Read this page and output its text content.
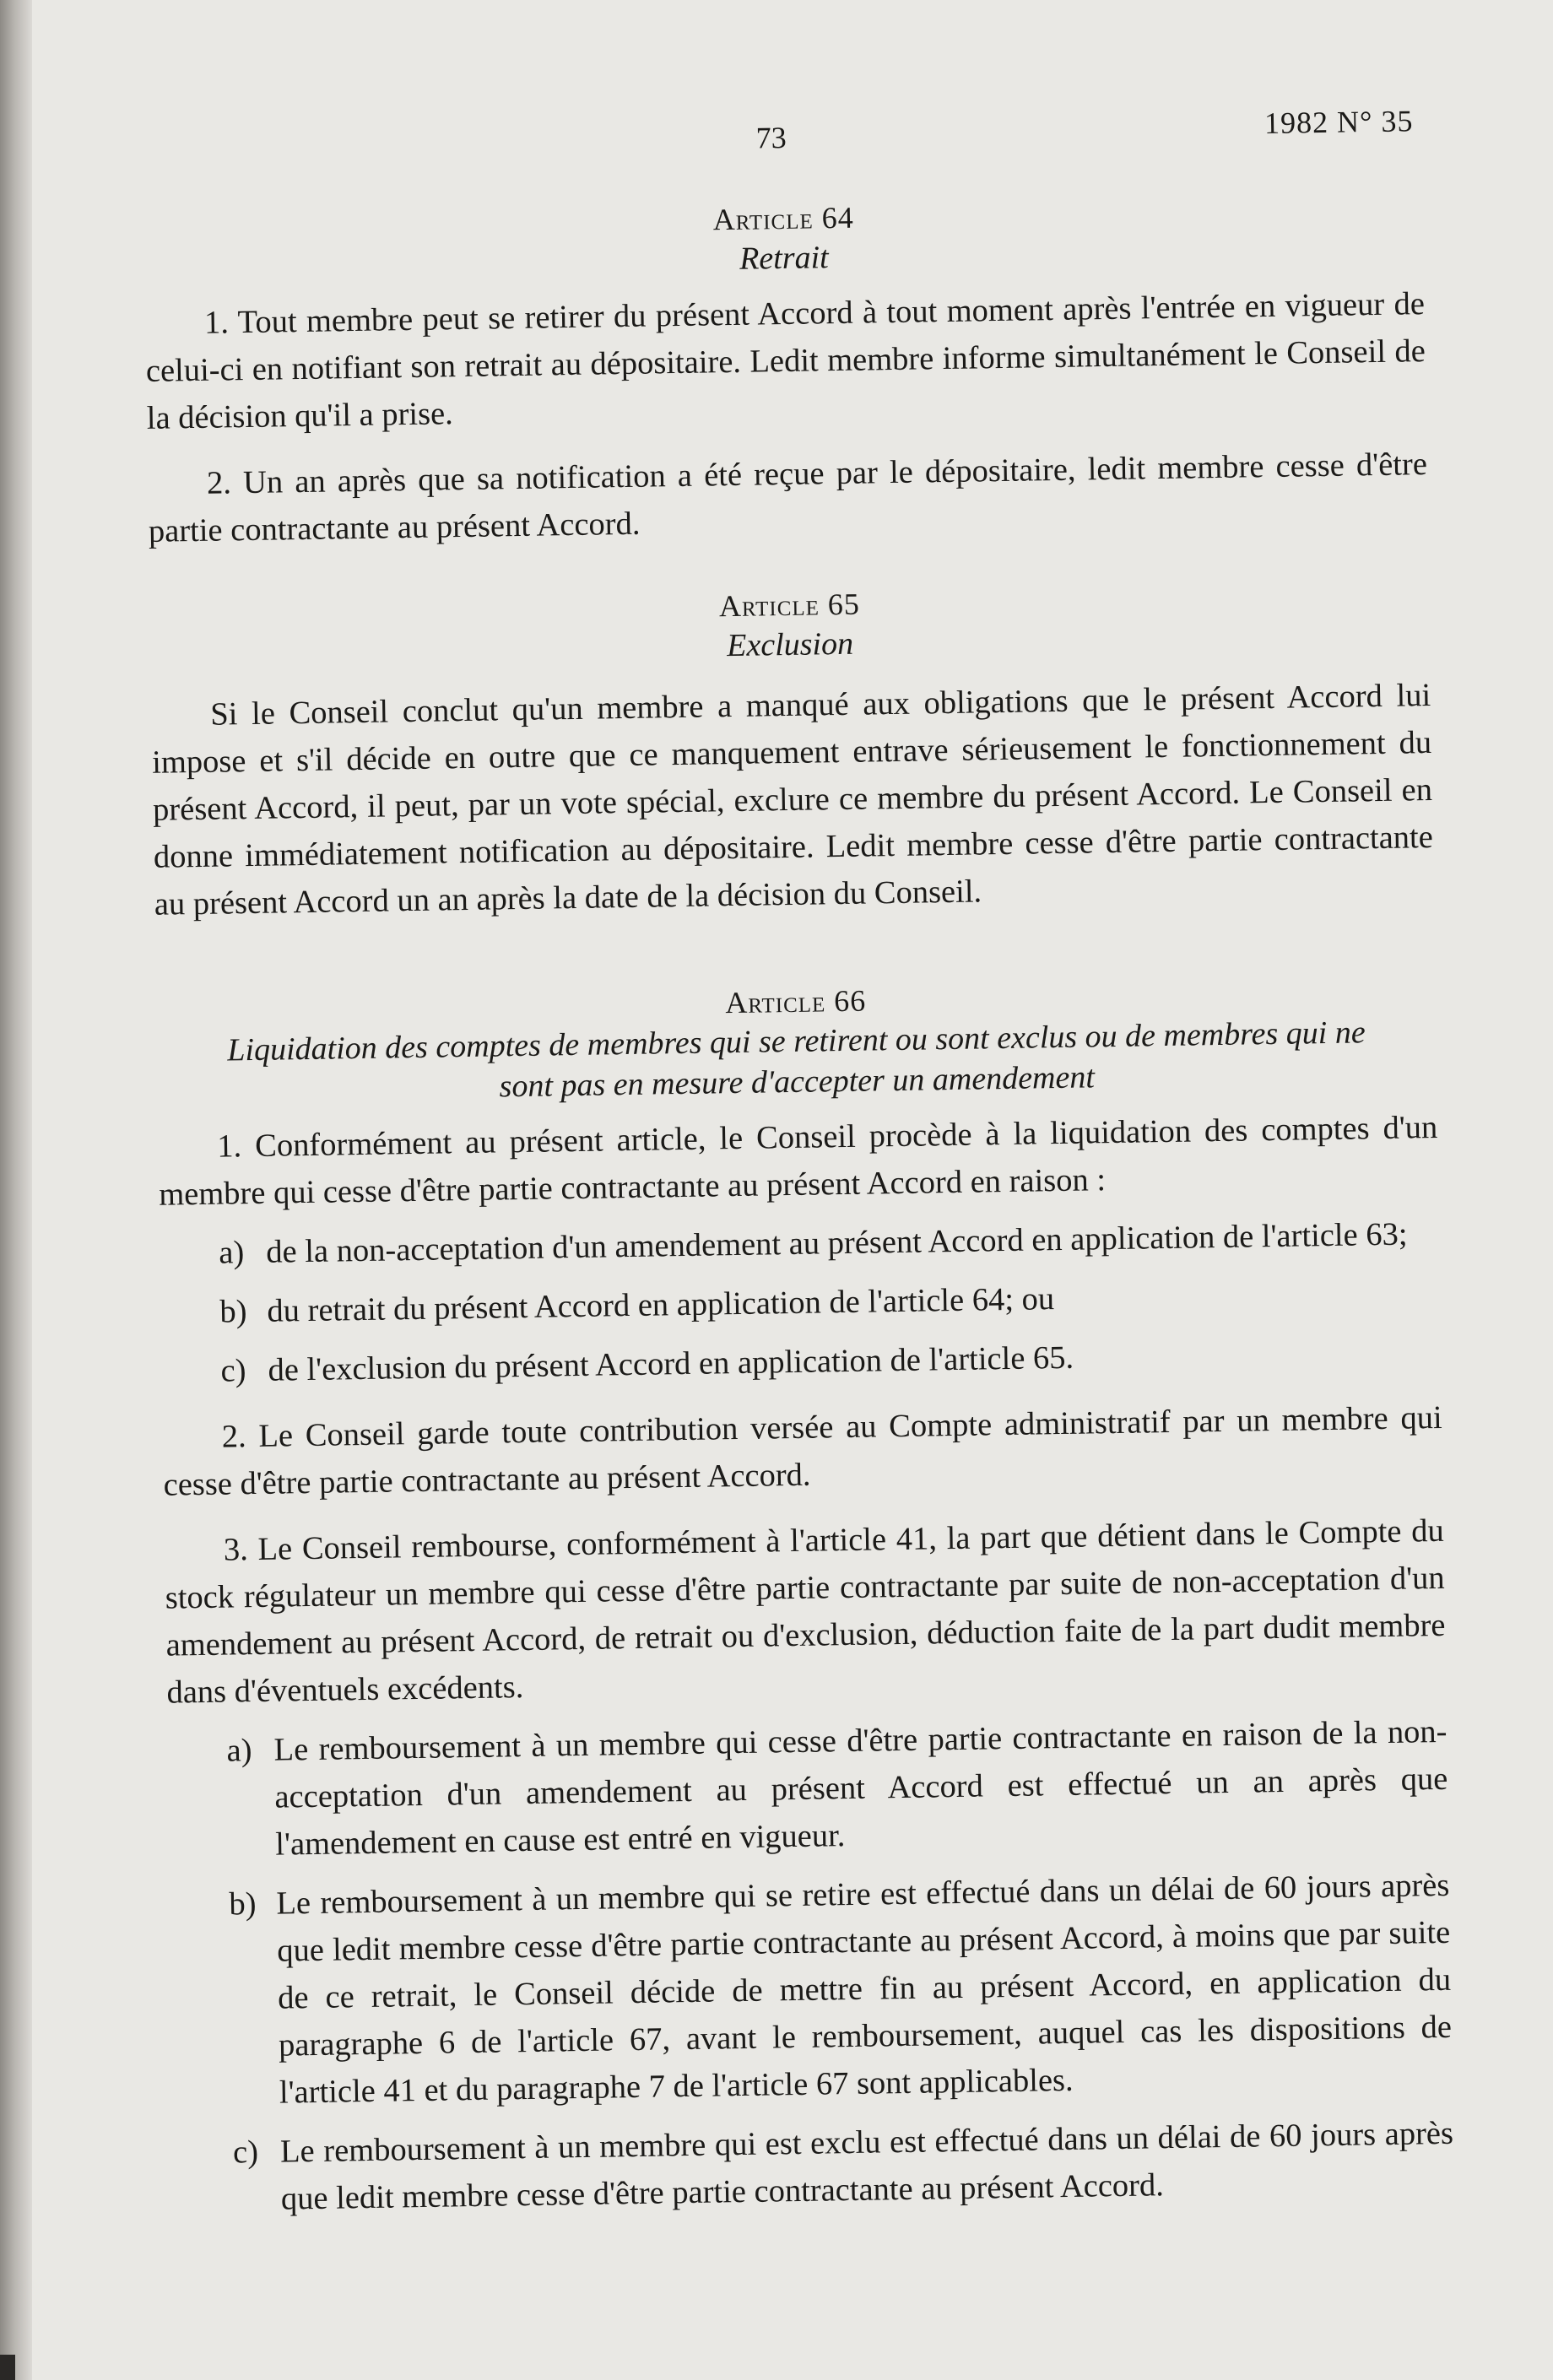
73	1982 N° 35
Article 64
Retrait

1. Tout membre peut se retirer du présent Accord à tout moment après l'entrée en vigueur de celui-ci en notifiant son retrait au dépositaire. Ledit membre informe simultanément le Conseil de la décision qu'il a prise.

2. Un an après que sa notification a été reçue par le dépositaire, ledit membre cesse d'être partie contractante au présent Accord.

Article 65
Exclusion

Si le Conseil conclut qu'un membre a manqué aux obligations que le présent Accord lui impose et s'il décide en outre que ce manquement entrave sérieusement le fonctionnement du présent Accord, il peut, par un vote spécial, exclure ce membre du présent Accord. Le Conseil en donne immédiatement notification au dépositaire. Ledit membre cesse d'être partie contractante au présent Accord un an après la date de la décision du Conseil.

Article 66
Liquidation des comptes de membres qui se retirent ou sont exclus ou de membres qui ne sont pas en mesure d'accepter un amendement

1. Conformément au présent article, le Conseil procède à la liquidation des comptes d'un membre qui cesse d'être partie contractante au présent Accord en raison :

a) de la non-acceptation d'un amendement au présent Accord en application de l'article 63;
b) du retrait du présent Accord en application de l'article 64; ou
c) de l'exclusion du présent Accord en application de l'article 65.

2. Le Conseil garde toute contribution versée au Compte administratif par un membre qui cesse d'être partie contractante au présent Accord.

3. Le Conseil rembourse, conformément à l'article 41, la part que détient dans le Compte du stock régulateur un membre qui cesse d'être partie contractante par suite de non-acceptation d'un amendement au présent Accord, de retrait ou d'exclusion, déduction faite de la part dudit membre dans d'éventuels excédents.

a) Le remboursement à un membre qui cesse d'être partie contractante en raison de la non-acceptation d'un amendement au présent Accord est effectué un an après que l'amendement en cause est entré en vigueur.
b) Le remboursement à un membre qui se retire est effectué dans un délai de 60 jours après que ledit membre cesse d'être partie contractante au présent Accord, à moins que par suite de ce retrait, le Conseil décide de mettre fin au présent Accord, en application du paragraphe 6 de l'article 67, avant le remboursement, auquel cas les dispositions de l'article 41 et du paragraphe 7 de l'article 67 sont applicables.
c) Le remboursement à un membre qui est exclu est effectué dans un délai de 60 jours après que ledit membre cesse d'être partie contractante au présent Accord.
